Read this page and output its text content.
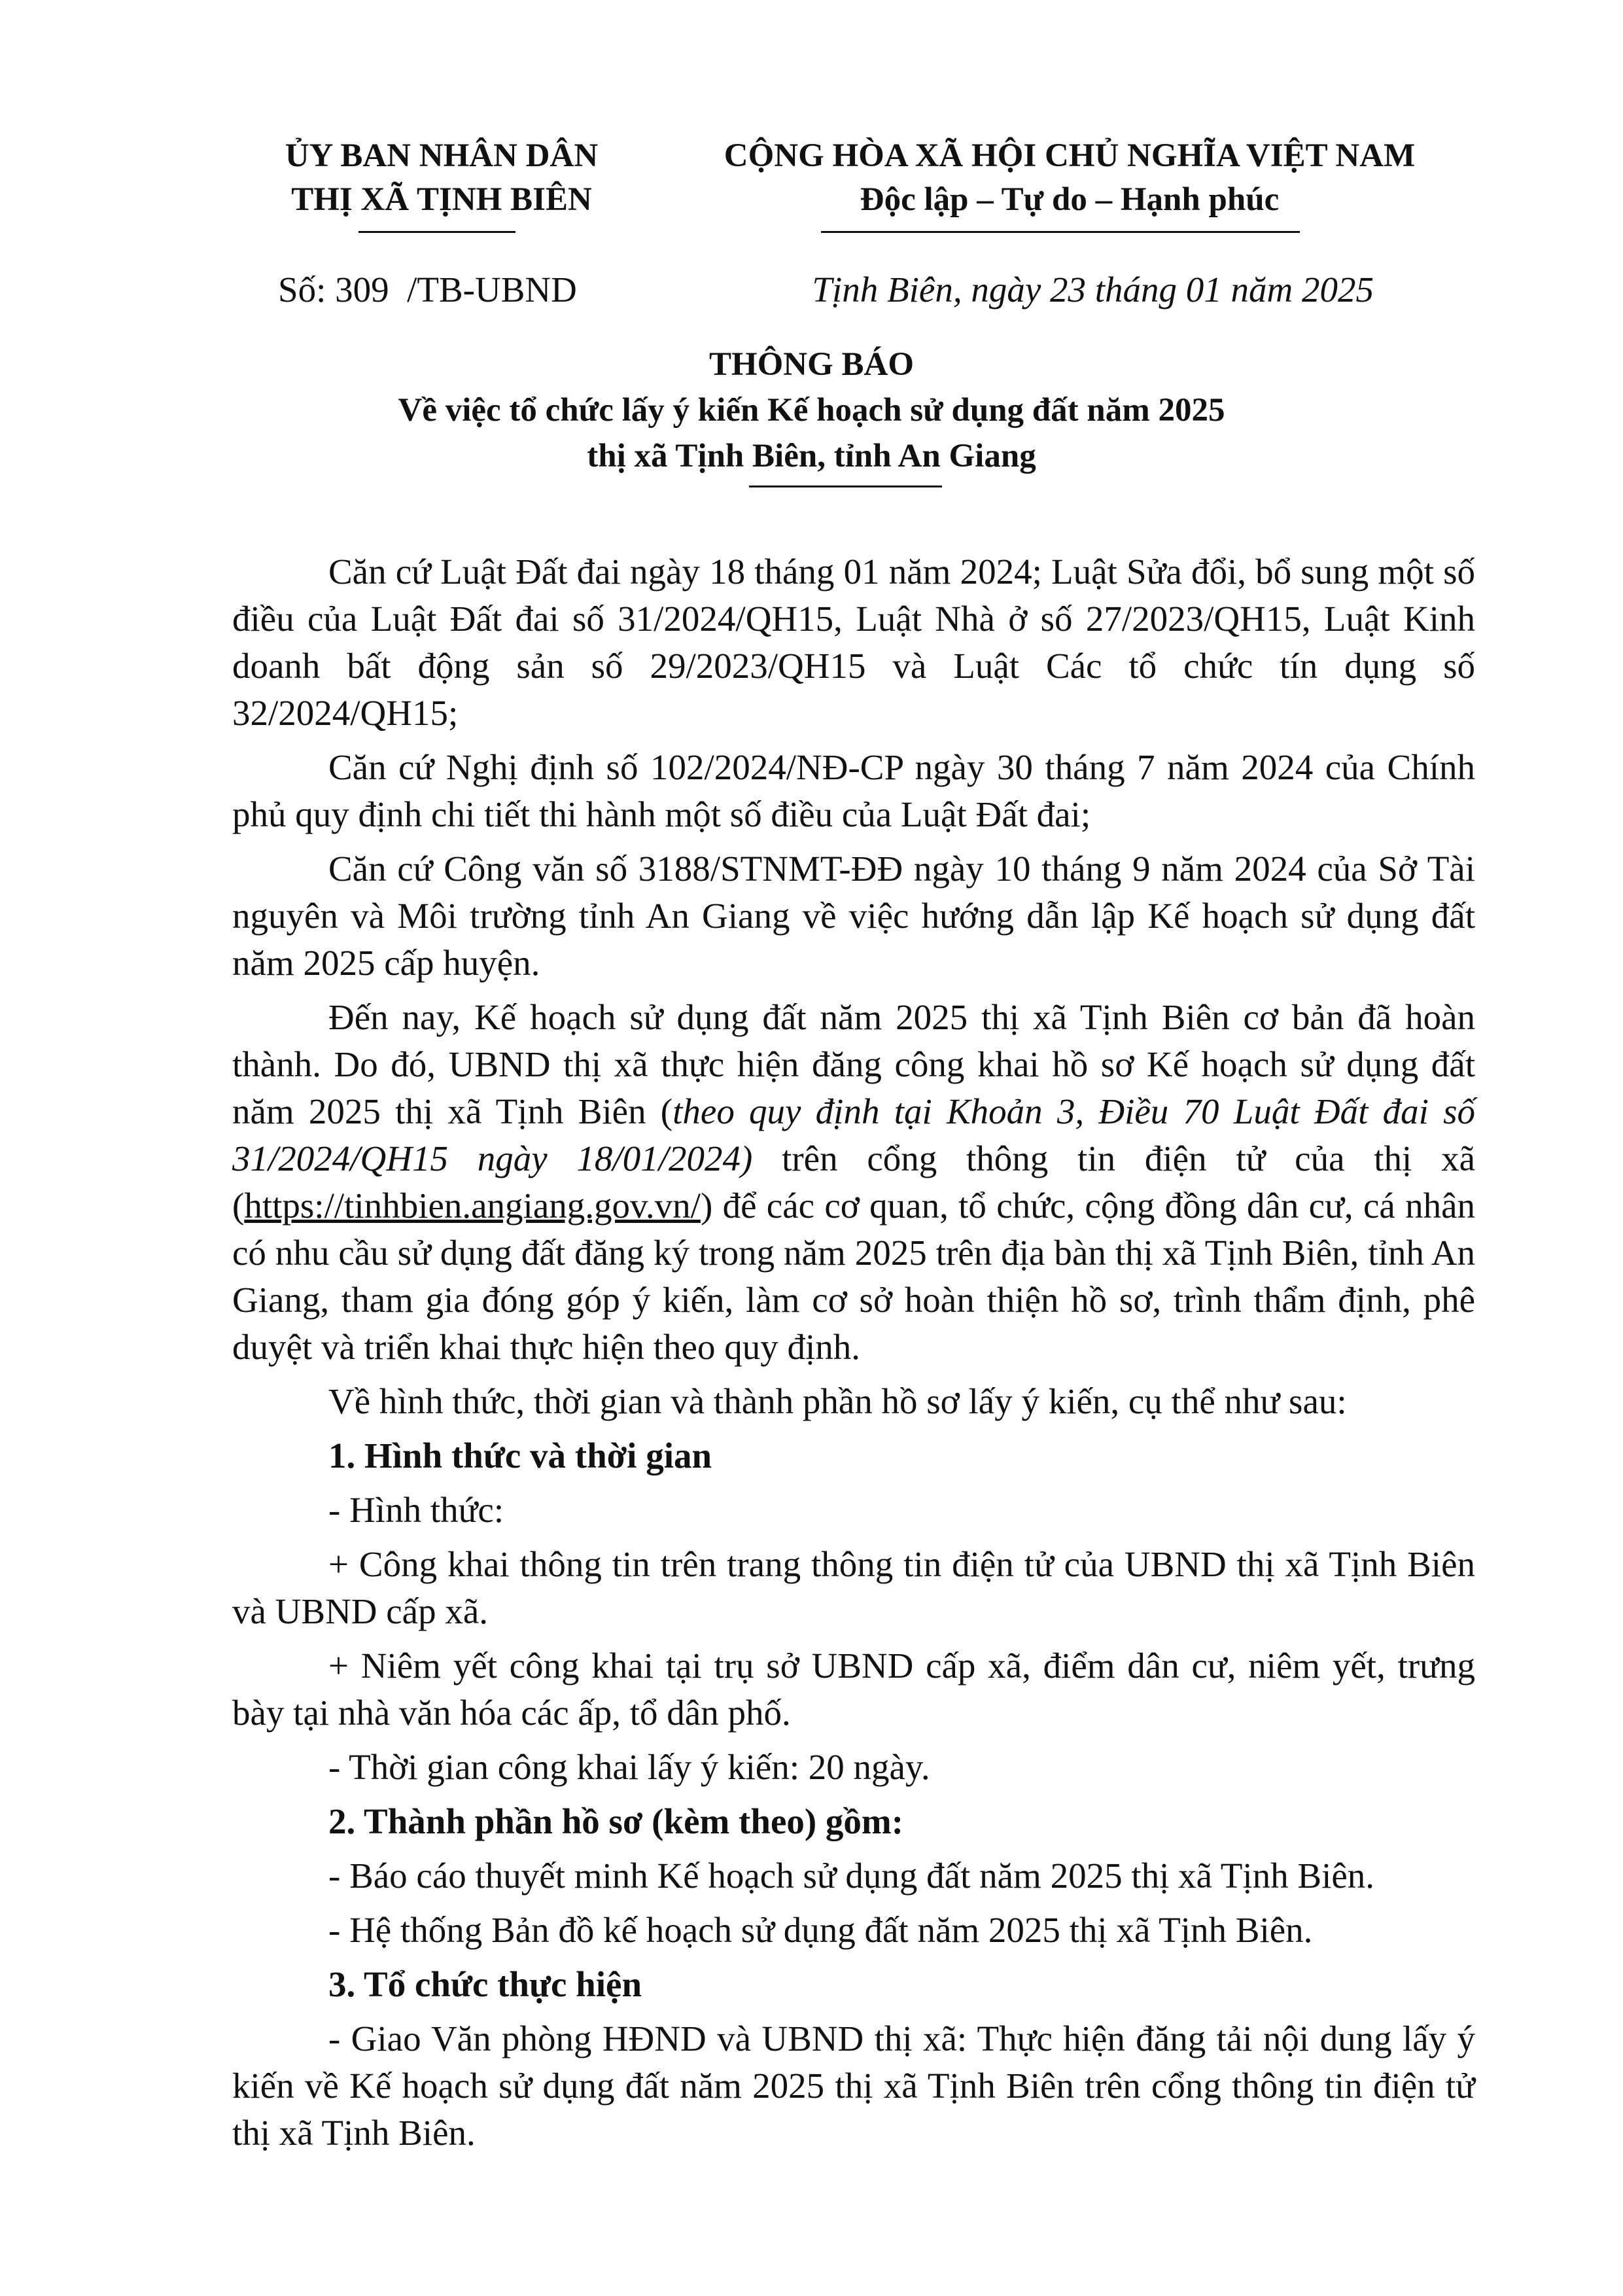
ỦY BAN NHÂN DÂN
THỊ XÃ TỊNH BIÊN
CỘNG HÒA XÃ HỘI CHỦ NGHĨA VIỆT NAM
Độc lập – Tự do – Hạnh phúc
Số: 309  /TB-UBND	Tịnh Biên, ngày 23 tháng 01 năm 2025
THÔNG BÁO
Về việc tổ chức lấy ý kiến Kế hoạch sử dụng đất năm 2025
thị xã Tịnh Biên, tỉnh An Giang

Căn cứ Luật Đất đai ngày 18 tháng 01 năm 2024; Luật Sửa đổi, bổ sung một số điều của Luật Đất đai số 31/2024/QH15, Luật Nhà ở số 27/2023/QH15, Luật Kinh doanh bất động sản số 29/2023/QH15 và Luật Các tổ chức tín dụng số 32/2024/QH15;

Căn cứ Nghị định số 102/2024/NĐ-CP ngày 30 tháng 7 năm 2024 của Chính phủ quy định chi tiết thi hành một số điều của Luật Đất đai;

Căn cứ Công văn số 3188/STNMT-ĐĐ ngày 10 tháng 9 năm 2024 của Sở Tài nguyên và Môi trường tỉnh An Giang về việc hướng dẫn lập Kế hoạch sử dụng đất năm 2025 cấp huyện.

Đến nay, Kế hoạch sử dụng đất năm 2025 thị xã Tịnh Biên cơ bản đã hoàn thành. Do đó, UBND thị xã thực hiện đăng công khai hồ sơ Kế hoạch sử dụng đất năm 2025 thị xã Tịnh Biên (theo quy định tại Khoản 3, Điều 70 Luật Đất đai số 31/2024/QH15 ngày 18/01/2024) trên cổng thông tin điện tử của thị xã (https://tinhbien.angiang.gov.vn/) để các cơ quan, tổ chức, cộng đồng dân cư, cá nhân có nhu cầu sử dụng đất đăng ký trong năm 2025 trên địa bàn thị xã Tịnh Biên, tỉnh An Giang, tham gia đóng góp ý kiến, làm cơ sở hoàn thiện hồ sơ, trình thẩm định, phê duyệt và triển khai thực hiện theo quy định.

Về hình thức, thời gian và thành phần hồ sơ lấy ý kiến, cụ thể như sau:

1. Hình thức và thời gian

- Hình thức:

+ Công khai thông tin trên trang thông tin điện tử của UBND thị xã Tịnh Biên và UBND cấp xã.

+ Niêm yết công khai tại trụ sở UBND cấp xã, điểm dân cư, niêm yết, trưng bày tại nhà văn hóa các ấp, tổ dân phố.

- Thời gian công khai lấy ý kiến: 20 ngày.

2. Thành phần hồ sơ (kèm theo) gồm:

- Báo cáo thuyết minh Kế hoạch sử dụng đất năm 2025 thị xã Tịnh Biên.

- Hệ thống Bản đồ kế hoạch sử dụng đất năm 2025 thị xã Tịnh Biên.

3. Tổ chức thực hiện

- Giao Văn phòng HĐND và UBND thị xã: Thực hiện đăng tải nội dung lấy ý kiến về Kế hoạch sử dụng đất năm 2025 thị xã Tịnh Biên trên cổng thông tin điện tử thị xã Tịnh Biên.
